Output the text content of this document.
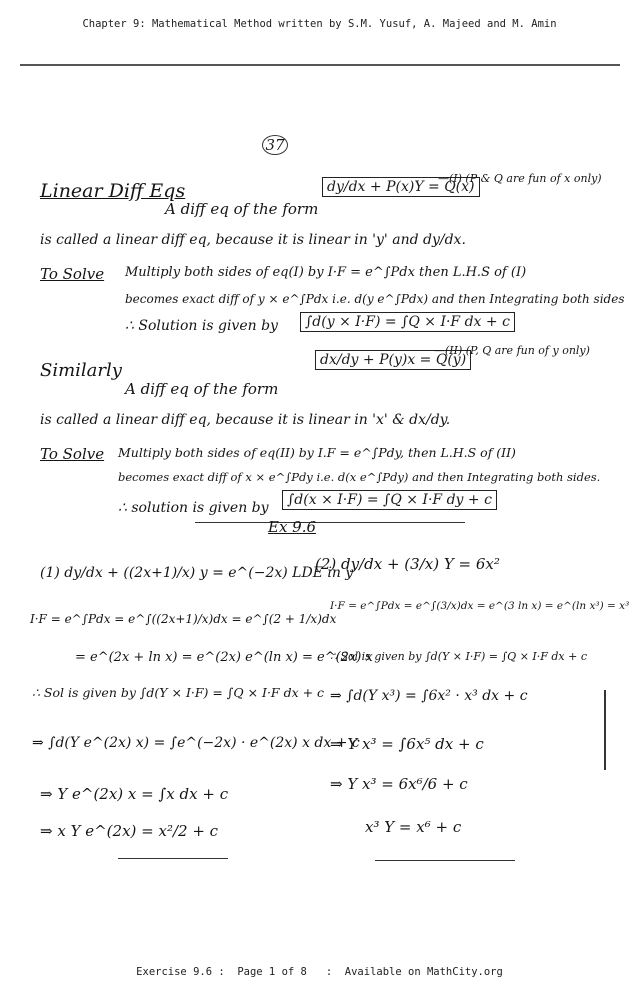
Chapter 9: Mathematical Method written by S.M. Yusuf, A. Majeed and M. Amin
37
Linear Diff Eqs
A diff eq of the form
dy/dx + P(x)Y = Q(x)
—(I) (P & Q are fun of x only)
is called a linear diff eq, because it is linear in 'y' and dy/dx.
To Solve Multiply both sides of eq(I) by I·F = e^∫Pdx then L.H.S of (I)
becomes exact diff of y × e^∫Pdx i.e. d(y e^∫Pdx) and then Integrating both sides
∴ Solution is given by	∫d(y × I·F) = ∫Q × I·F dx + c
Similarly
A diff eq of the form
dx/dy + P(y)x = Q(y)
—(II) (P, Q are fun of y only)
is called a linear diff eq, because it is linear in 'x' & dx/dy.
To Solve Multiply both sides of eq(II) by I.F = e^∫Pdy, then L.H.S of (II)
becomes exact diff of x × e^∫Pdy i.e. d(x e^∫Pdy) and then Integrating both sides.
∴ solution is given by	∫d(x × I·F) = ∫Q × I·F dy + c
Ex 9.6
(1) dy/dx + ((2x+1)/x) y = e^(−2x) LDE in y
I·F = e^∫Pdx = e^∫((2x+1)/x)dx = e^∫(2 + 1/x)dx
= e^(2x + ln x) = e^(2x) e^(ln x) = e^(2x) x
∴ Sol is given by ∫d(Y × I·F) = ∫Q × I·F dx + c
⇒ ∫d(Y e^(2x) x) = ∫e^(−2x) · e^(2x) x dx + c
⇒ Y e^(2x) x = ∫x dx + c
⇒ x Y e^(2x) = x²/2 + c
(2) dy/dx + (3/x) Y = 6x²
I·F = e^∫Pdx = e^∫(3/x)dx = e^(3 ln x) = e^(ln x³) = x³
∴ Sol is given by ∫d(Y × I·F) = ∫Q × I·F dx + c
⇒ ∫d(Y x³) = ∫6x² · x³ dx + c
⇒ Y x³ = ∫6x⁵ dx + c
⇒ Y x³ = 6x⁶/6 + c
x³ Y = x⁶ + c
Exercise 9.6 :  Page 1 of 8   :  Available on MathCity.org
